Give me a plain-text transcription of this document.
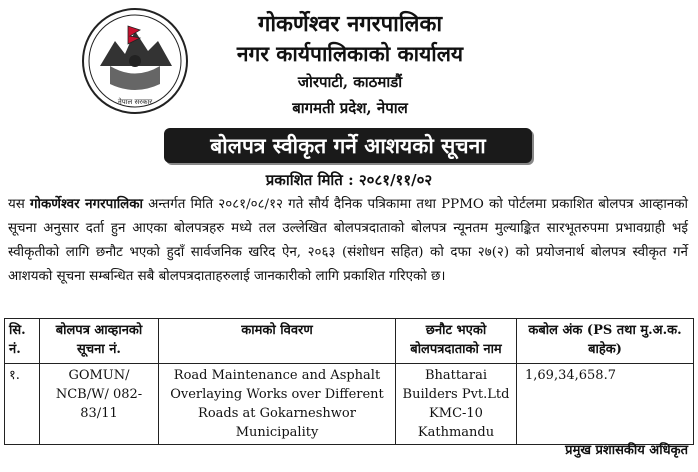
नेपाल सरकार
गोकर्णेश्वर नगरपालिका
नगर कार्यपालिकाको कार्यालय
जोरपाटी, काठमाडौं
बागमती प्रदेश, नेपाल
बोलपत्र स्वीकृत गर्ने आशयको सूचना
प्रकाशित मिति : २०८१/११/०२

यस गोकर्णेश्वर नगरपालिका अन्तर्गत मिति २०८१/०८/१२ गते सौर्य दैनिक पत्रिकामा तथा PPMO को पोर्टलमा प्रकाशित बोलपत्र आव्हानको सूचना अनुसार दर्ता हुन आएका बोलपत्रहरु मध्ये तल उल्लेखित बोलपत्रदाताको बोलपत्र न्यूनतम मुल्याङ्कित सारभूतरुपमा प्रभावग्राही भई स्वीकृतीको लागि छनौट भएको हुदाँ सार्वजनिक खरिद ऐन, २०६३ (संशोधन सहित) को दफा २७(२) को प्रयोजनार्थ बोलपत्र स्वीकृत गर्ने आशयको सूचना सम्बन्धित सबै बोलपत्रदाताहरुलाई जानकारीको लागि प्रकाशित गरिएको छ।

सि. नं.	बोलपत्र आव्हानको सूचना नं.	कामको विवरण	छनौट भएको बोलपत्रदाताको नाम	कबोल अंक (PS तथा मु.अ.क. बाहेक)
१.	GOMUN/ NCB/W/ 082-83/11	Road Maintenance and Asphalt Overlaying Works over Different Roads at Gokarneshwor Municipality	Bhattarai Builders Pvt.Ltd KMC-10 Kathmandu	1,69,34,658.7
प्रमुख प्रशासकीय अधिकृत
